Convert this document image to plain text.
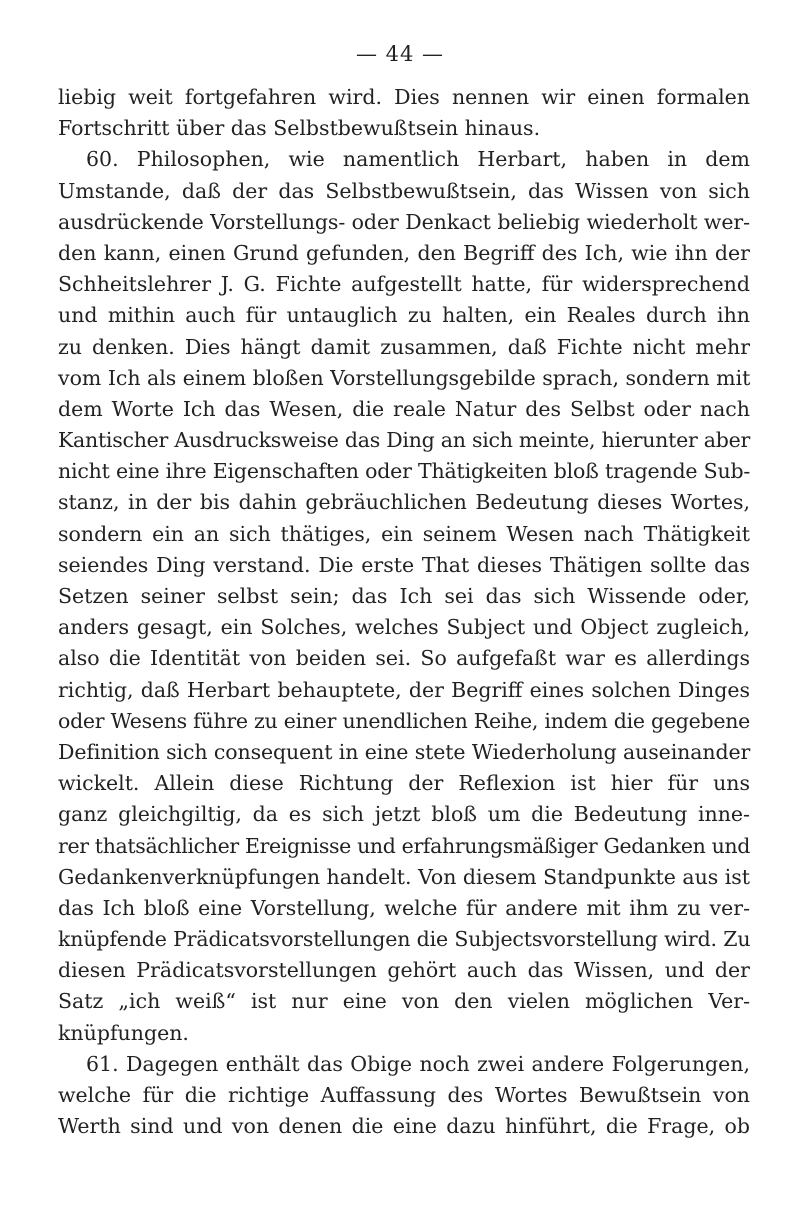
— 44 —
liebig weit fortgefahren wird. Dies nennen wir einen formalen
Fortschritt über das Selbstbewußtsein hinaus.
60. Philosophen, wie namentlich Herbart, haben in dem
Umstande, daß der das Selbstbewußtsein, das Wissen von sich
ausdrückende Vorstellungs- oder Denkact beliebig wiederholt wer-
den kann, einen Grund gefunden, den Begriff des Ich, wie ihn der
Schheitslehrer J. G. Fichte aufgestellt hatte, für widersprechend
und mithin auch für untauglich zu halten, ein Reales durch ihn
zu denken. Dies hängt damit zusammen, daß Fichte nicht mehr
vom Ich als einem bloßen Vorstellungsgebilde sprach, sondern mit
dem Worte Ich das Wesen, die reale Natur des Selbst oder nach
Kantischer Ausdrucksweise das Ding an sich meinte, hierunter aber
nicht eine ihre Eigenschaften oder Thätigkeiten bloß tragende Sub-
stanz, in der bis dahin gebräuchlichen Bedeutung dieses Wortes,
sondern ein an sich thätiges, ein seinem Wesen nach Thätigkeit
seiendes Ding verstand. Die erste That dieses Thätigen sollte das
Setzen seiner selbst sein; das Ich sei das sich Wissende oder,
anders gesagt, ein Solches, welches Subject und Object zugleich,
also die Identität von beiden sei. So aufgefaßt war es allerdings
richtig, daß Herbart behauptete, der Begriff eines solchen Dinges
oder Wesens führe zu einer unendlichen Reihe, indem die gegebene
Definition sich consequent in eine stete Wiederholung auseinander
wickelt. Allein diese Richtung der Reflexion ist hier für uns
ganz gleichgiltig, da es sich jetzt bloß um die Bedeutung inne-
rer thatsächlicher Ereignisse und erfahrungsmäßiger Gedanken und
Gedankenverknüpfungen handelt. Von diesem Standpunkte aus ist
das Ich bloß eine Vorstellung, welche für andere mit ihm zu ver-
knüpfende Prädicatsvorstellungen die Subjectsvorstellung wird. Zu
diesen Prädicatsvorstellungen gehört auch das Wissen, und der
Satz „ich weiß“ ist nur eine von den vielen möglichen Ver-
knüpfungen.
61. Dagegen enthält das Obige noch zwei andere Folgerungen,
welche für die richtige Auffassung des Wortes Bewußtsein von
Werth sind und von denen die eine dazu hinführt, die Frage, ob
